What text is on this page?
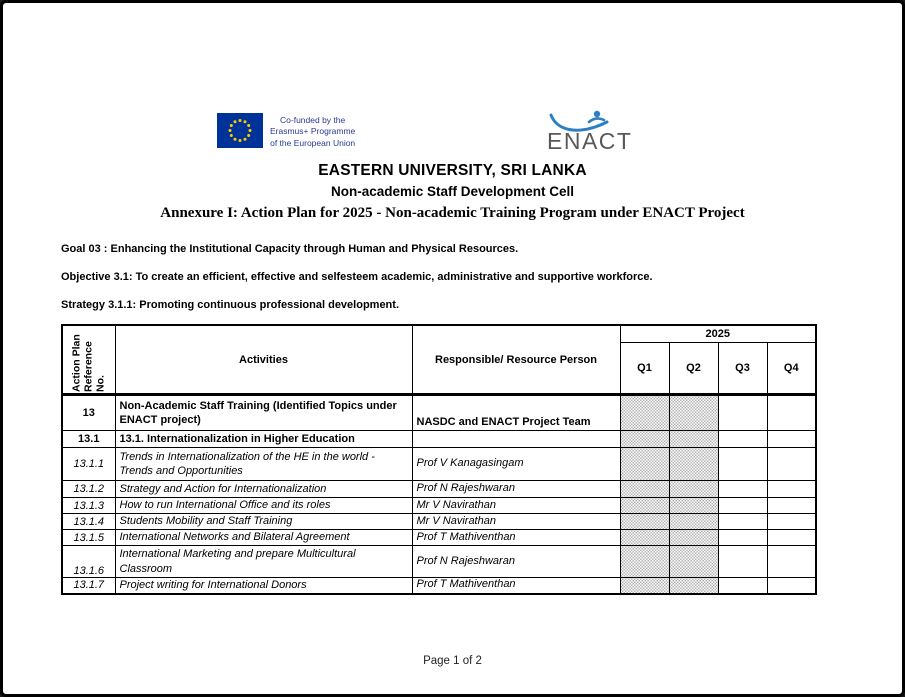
Co-funded by the
Erasmus+ Programme
of the European Union	ENACT
EASTERN UNIVERSITY, SRI LANKA
Non-academic Staff Development Cell
Annexure I: Action Plan for 2025 - Non-academic Training Program under ENACT Project
Goal 03 : Enhancing the Institutional Capacity through Human and Physical Resources.
Objective 3.1: To create an efficient, effective and selfesteem academic, administrative and supportive workforce.
Strategy 3.1.1: Promoting continuous professional development.
Action Plan Reference No.	Activities	Responsible/ Resource Person	2025			
			Q1	Q2	Q3	Q4
13	Non-Academic Staff Training (Identified Topics under ENACT project)	NASDC and ENACT Project Team				
13.1	13.1. Internationalization in Higher Education					
13.1.1	Trends in Internationalization of the HE in the world - Trends and Opportunities	Prof V Kanagasingam				
13.1.2	Strategy and Action for Internationalization	Prof N Rajeshwaran				
13.1.3	How to run International Office and its roles	Mr V Navirathan				
13.1.4	Students Mobility and Staff Training	Mr V Navirathan				
13.1.5	International Networks and Bilateral Agreement	Prof T Mathiventhan				
13.1.6	International Marketing and prepare Multicultural Classroom	Prof N Rajeshwaran				
13.1.7	Project writing for International Donors	Prof T Mathiventhan				
Page 1 of 2
